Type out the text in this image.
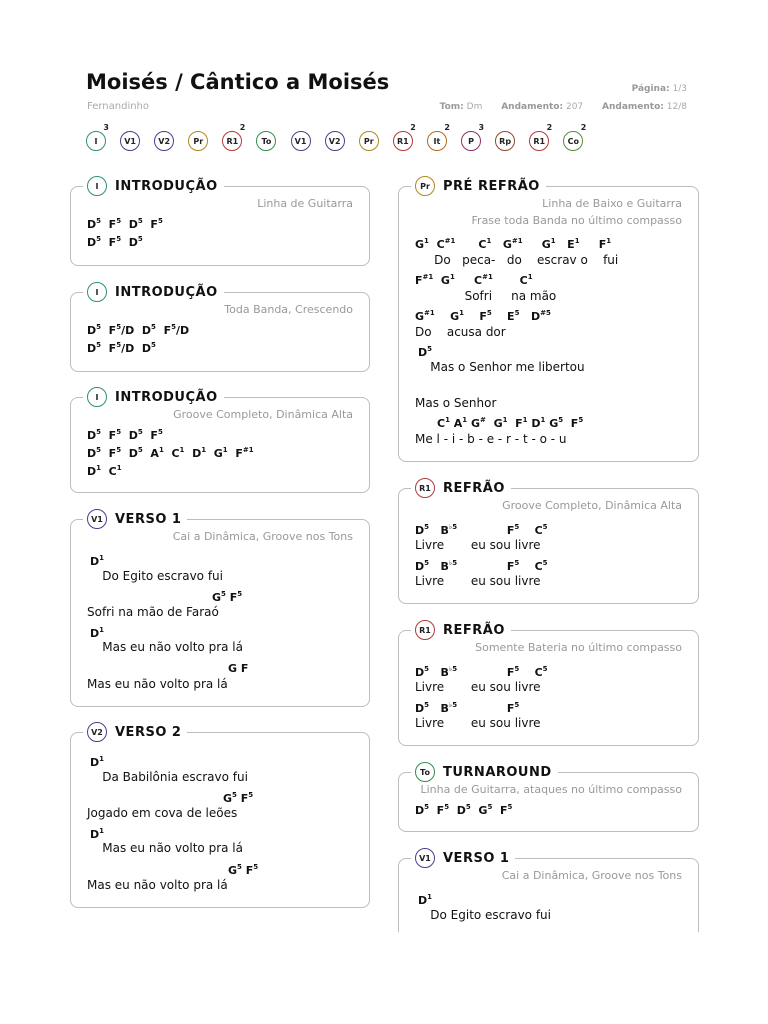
Moisés / Cântico a Moisés
Fernandinho
Página: 1/3
Tom: Dm Andamento: 207 Andamento: 12/8
I
3
V1	V2	Pr	R1
2
To	V1	V2	Pr	R1
2
It
2
P
3
Rp	R1
2
Co
2
I	INTRODUÇÃO
Linha de Guitarra
$D^5$  $F^5$  $D^5$  $F^5$
$D^5$  $F^5$  $D^5$
I	INTRODUÇÃO
Toda Banda, Crescendo
$D^5$  $F^5/D$  $D^5$  $F^5/D$
$D^5$  $F^5/D$  $D^5$
I	INTRODUÇÃO
Groove Completo, Dinâmica Alta
$D^5$  $F^5$  $D^5$  $F^5$
$D^5$  $F^5$  $D^5$  $A^1$  $C^1$  $D^1$  $G^1$  $F^{\#1}$
$D^1$  $C^1$
V1 VERSO 1
Cai a Dinâmica, Groove nos Tons
$D^1$
Do Egito escravo fui
$G^5$ $F^5$
Sofri na mão de Faraó
$D^1$
Mas eu não volto pra lá
G F
Mas eu não volto pra lá
V2 VERSO 2
$D^1$
Da Babilônia escravo fui
$G^5$ $F^5$
Jogado em cova de leões
$D^1$
Mas eu não volto pra lá
$G^5$ $F^5$
Mas eu não volto pra lá
Pr	PRÉ REFRÃO
Linha de Baixo e Guitarra
Frase toda Banda no último compasso
$G^1$  $C^{\#1}$      $C^1$   $G^{\#1}$     $G^1$   $E^1$     $F^1$
Do   peca-   do    escrav o    fui
$F^{\#1}$  $G^1$     $C^{\#1}$       $C^1$
Sofri     na mão
$G^{\#1}$    $G^1$    $F^5$    $E^5$   $D^{\#5}$
Do    acusa dor
$D^5$
Mas o Senhor me libertou
Mas o Senhor
$C^1$ $A^1$ G#  $G^1$  $F^1$ $D^1$ $G^5$  $F^5$
Me l - i - b - e - r - t - o - u
R1 REFRÃO
Groove Completo, Dinâmica Alta
$D^5$   $B^{♭5}$             $F^5$    $C^5$
Livre       eu sou livre
$D^5$   $B^{♭5}$             $F^5$    $C^5$
Livre       eu sou livre
R1 REFRÃO
Somente Bateria no último compasso
$D^5$   $B^{♭5}$             $F^5$    $C^5$
Livre       eu sou livre
$D^5$   $B^{♭5}$             $F^5$
Livre       eu sou livre
To	TURNAROUND
Linha de Guitarra, ataques no último compasso
$D^5$  $F^5$  $D^5$  $G^5$  $F^5$
V1 VERSO 1
Cai a Dinâmica, Groove nos Tons
$D^1$
Do Egito escravo fui
